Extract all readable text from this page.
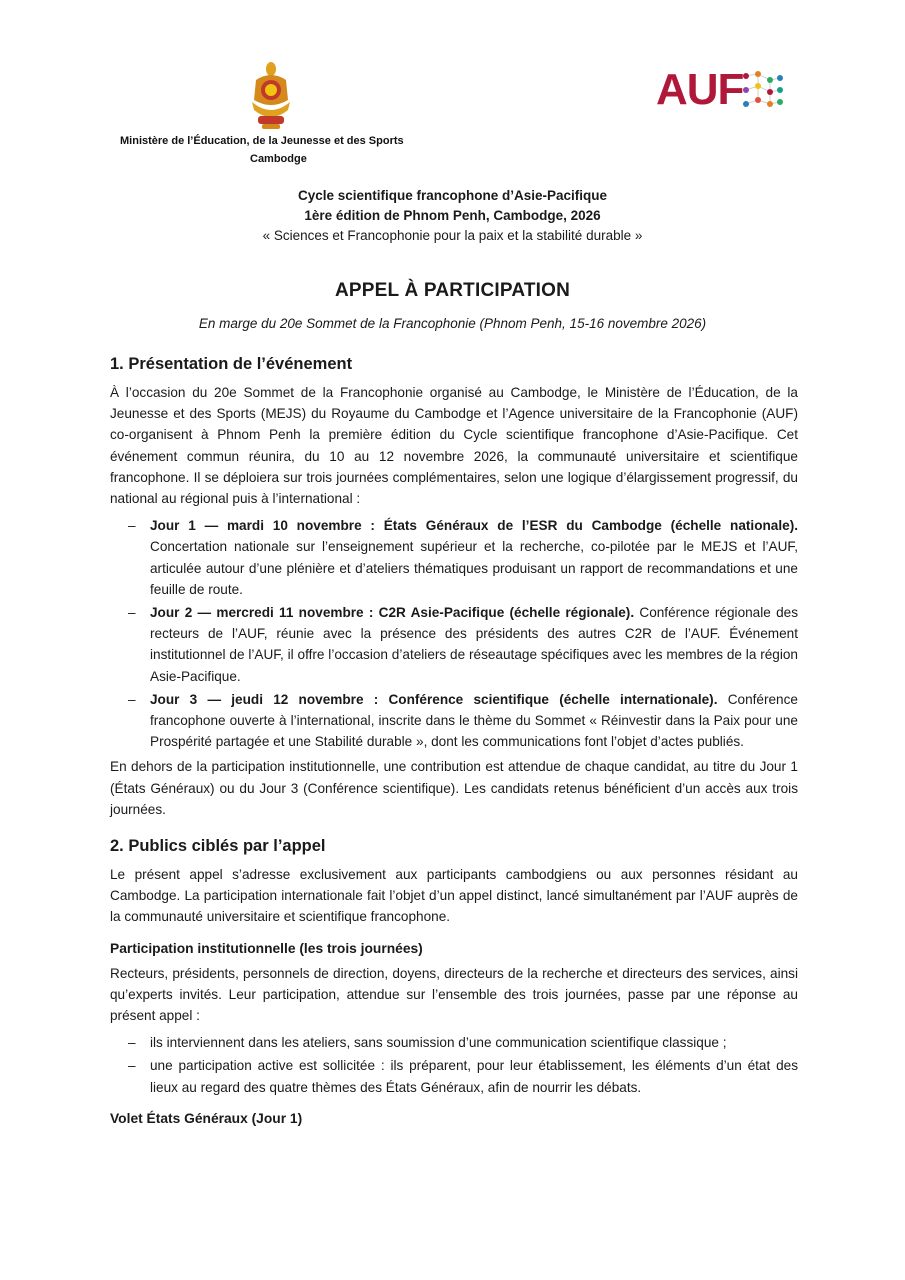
Ministère de l’Éducation, de la Jeunesse et des Sports
Cambodge
AUF
Cycle scientifique francophone d’Asie-Pacifique
1ère édition de Phnom Penh, Cambodge, 2026
« Sciences et Francophonie pour la paix et la stabilité durable »
APPEL À PARTICIPATION
En marge du 20e Sommet de la Francophonie (Phnom Penh, 15-16 novembre 2026)
1. Présentation de l’événement

À l’occasion du 20e Sommet de la Francophonie organisé au Cambodge, le Ministère de l’Éducation, de la Jeunesse et des Sports (MEJS) du Royaume du Cambodge et l’Agence universitaire de la Francophonie (AUF) co-organisent à Phnom Penh la première édition du Cycle scientifique francophone d’Asie-Pacifique. Cet événement commun réunira, du 10 au 12 novembre 2026, la communauté universitaire et scientifique francophone. Il se déploiera sur trois journées complémentaires, selon une logique d’élargissement progressif, du national au régional puis à l’international :

– Jour 1 — mardi 10 novembre : États Généraux de l’ESR du Cambodge (échelle nationale). Concertation nationale sur l’enseignement supérieur et la recherche, co-pilotée par le MEJS et l’AUF, articulée autour d’une plénière et d’ateliers thématiques produisant un rapport de recommandations et une feuille de route.
– Jour 2 — mercredi 11 novembre : C2R Asie-Pacifique (échelle régionale). Conférence régionale des recteurs de l’AUF, réunie avec la présence des présidents des autres C2R de l’AUF. Événement institutionnel de l’AUF, il offre l’occasion d’ateliers de réseautage spécifiques avec les membres de la région Asie-Pacifique.
– Jour 3 — jeudi 12 novembre : Conférence scientifique (échelle internationale). Conférence francophone ouverte à l’international, inscrite dans le thème du Sommet « Réinvestir dans la Paix pour une Prospérité partagée et une Stabilité durable », dont les communications font l’objet d’actes publiés.

En dehors de la participation institutionnelle, une contribution est attendue de chaque candidat, au titre du Jour 1 (États Généraux) ou du Jour 3 (Conférence scientifique). Les candidats retenus bénéficient d’un accès aux trois journées.

2. Publics ciblés par l’appel

Le présent appel s’adresse exclusivement aux participants cambodgiens ou aux personnes résidant au Cambodge. La participation internationale fait l’objet d’un appel distinct, lancé simultanément par l’AUF auprès de la communauté universitaire et scientifique francophone.

Participation institutionnelle (les trois journées)

Recteurs, présidents, personnels de direction, doyens, directeurs de la recherche et directeurs des services, ainsi qu’experts invités. Leur participation, attendue sur l’ensemble des trois journées, passe par une réponse au présent appel :

– ils interviennent dans les ateliers, sans soumission d’une communication scientifique classique ;
– une participation active est sollicitée : ils préparent, pour leur établissement, les éléments d’un état des lieux au regard des quatre thèmes des États Généraux, afin de nourrir les débats.
Volet États Généraux (Jour 1)
